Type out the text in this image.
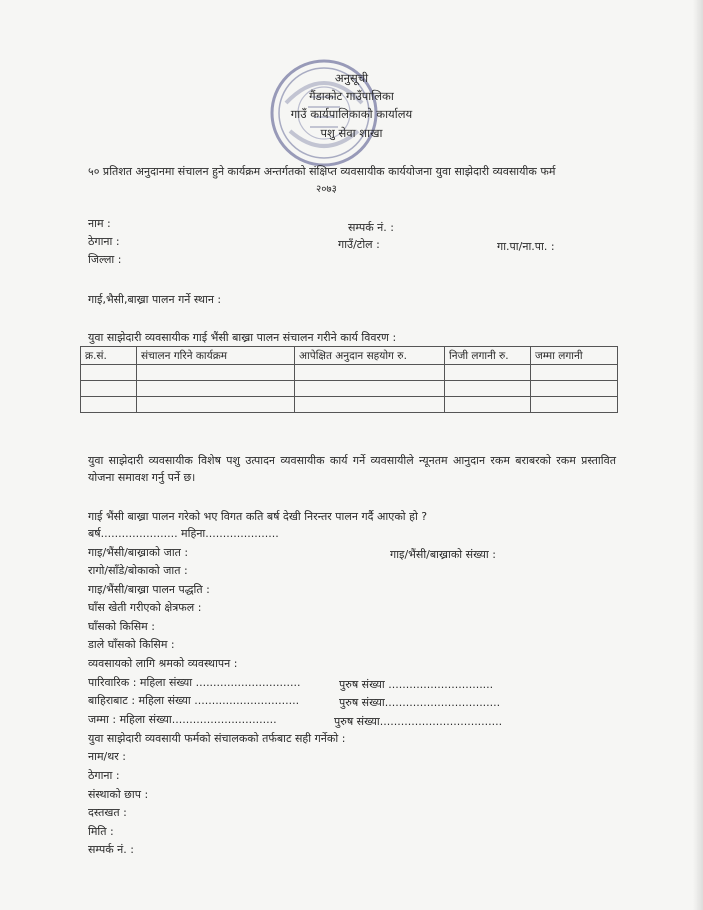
अनुसूची
गैंडाकोट गाउँपालिका
गाउँ कार्यपालिकाको कार्यालय
पशु सेवा शाखा
२०७३
५० प्रतिशत अनुदानमा संचालन हुने कार्यक्रम अन्तर्गतको संक्षिप्त व्यवसायीक कार्ययोजना युवा साझेदारी व्यवसायीक फर्म
नाम :	सम्पर्क नं. :
ठेगाना :	गाउँ/टोल :	गा.पा/ना.पा. :
जिल्ला :
गाई,भैसी,बाख्रा पालन गर्ने स्थान :
युवा साझेदारी व्यवसायीक गाई भैंसी बाख्रा पालन संचालन गरीने कार्य विवरण :
क्र.सं.	संचालन गरिने कार्यक्रम	आपेक्षित अनुदान सहयोग रु.	निजी लगानी रु.	जम्मा लगानी

युवा साझेदारी व्यवसायीक विशेष पशु उत्पादन व्यवसायीक कार्य गर्ने व्यवसायीले न्यूनतम आनुदान रकम बराबरको रकम प्रस्तावित योजना समावश गर्नु पर्ने छ।
गाई भैंसी बाख्रा पालन गरेको भए विगत कति बर्ष देखी निरन्तर पालन गर्दै आएको हो ?
बर्ष...................... महिना.....................
गाइ/भैंसी/बाख्राको जात :	गाइ/भैंसी/बाख्राको संख्या :
रागो/साँडे/बोकाको जात :
गाइ/भैंसी/बाख्रा पालन पद्धति :
घाँस खेती गरीएको क्षेत्रफल :
घाँसको किसिम :
डाले घाँसको किसिम :
व्यवसायको लागि श्रमको व्यवस्थापन :
पारिवारिक : महिला संख्या ..............................	पुरुष संख्या ..............................
बाहिराबाट : महिला संख्या ..............................	पुरुष संख्या.................................
जम्मा : महिला संख्या..............................	पुरुष संख्या...................................
युवा साझेदारी व्यवसायी फर्मको संचालकको तर्फबाट सही गर्नेको :
नाम/थर :
ठेगाना :
संस्थाको छाप :
दस्तखत :
मिति :
सम्पर्क नं. :
